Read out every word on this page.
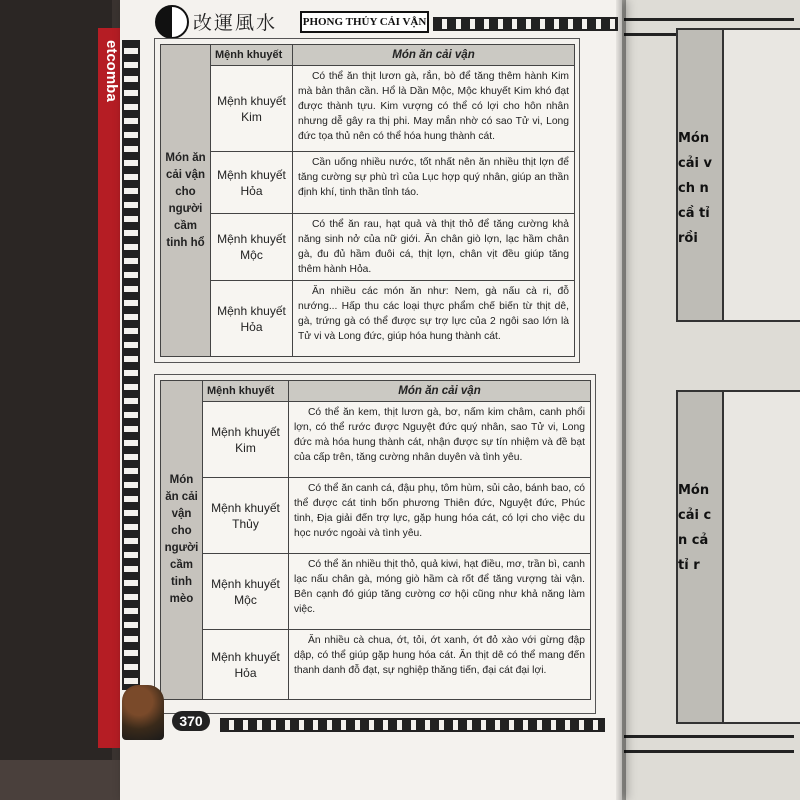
Món cải v ch n cầ tỉ rồi
Món cải c n cả tỉ r
改運風水 PHONG THỦY CẢI VẬN
Món ăn cải vận cho người cầm tinh hổ	Mệnh khuyết	Món ăn cải vận
	Mệnh khuyết Kim	Có thể ăn thịt lươn gà, rắn, bò để tăng thêm hành Kim mà bản thân cần. Hổ là Dần Mộc, Mộc khuyết Kim khó đạt được thành tựu. Kim vượng có thể có lợi cho hôn nhân nhưng dễ gây ra thị phi. May mắn nhờ có sao Tử vi, Long đức tọa thủ nên có thể hóa hung thành cát.
	Mệnh khuyết Hỏa	Cần uống nhiều nước, tốt nhất nên ăn nhiều thịt lợn để tăng cường sự phù trì của Lục hợp quý nhân, giúp an thần định khí, tinh thần tỉnh táo.
	Mệnh khuyết Mộc	Có thể ăn rau, hạt quả và thịt thỏ để tăng cường khả năng sinh nở của nữ giới. Ăn chân giò lợn, lạc hầm chân gà, đu đủ hầm đuôi cá, thịt lợn, chân vịt đều giúp tăng thêm hành Hỏa.
	Mệnh khuyết Hỏa	Ăn nhiều các món ăn như: Nem, gà nấu cà ri, đỗ nướng... Hấp thu các loại thực phẩm chế biến từ thịt dê, gà, trứng gà có thể được sự trợ lực của 2 ngôi sao lớn là Tử vi và Long đức, giúp hóa hung thành cát.
Món ăn cải vận cho người cầm tinh mèo	Mệnh khuyết	Món ăn cải vận
	Mệnh khuyết Kim	Có thể ăn kem, thịt lươn gà, bơ, nấm kim châm, canh phổi lợn, có thể rước được Nguyệt đức quý nhân, sao Tử vi, Long đức mà hóa hung thành cát, nhận được sự tín nhiệm và đề bạt của cấp trên, tăng cường nhân duyên và tình yêu.
	Mệnh khuyết Thủy	Có thể ăn canh cá, đậu phụ, tôm hùm, sủi cảo, bánh bao, có thể được cát tinh bốn phương Thiên đức, Nguyệt đức, Phúc tinh, Địa giải đến trợ lực, gặp hung hóa cát, có lợi cho việc du học nước ngoài và tình yêu.
	Mệnh khuyết Mộc	Có thể ăn nhiều thịt thỏ, quả kiwi, hạt điều, mơ, trần bì, canh lạc nấu chân gà, móng giò hầm cà rốt để tăng vượng tài vận. Bên cạnh đó giúp tăng cường cơ hội cũng như khả năng làm việc.
	Mệnh khuyết Hỏa	Ăn nhiều cà chua, ớt, tỏi, ớt xanh, ớt đỏ xào với gừng đập dập, có thể giúp gặp hung hóa cát. Ăn thịt dê có thể mang đến thanh danh đỗ đạt, sự nghiệp thăng tiến, đại cát đại lợi.
370
etcomba
